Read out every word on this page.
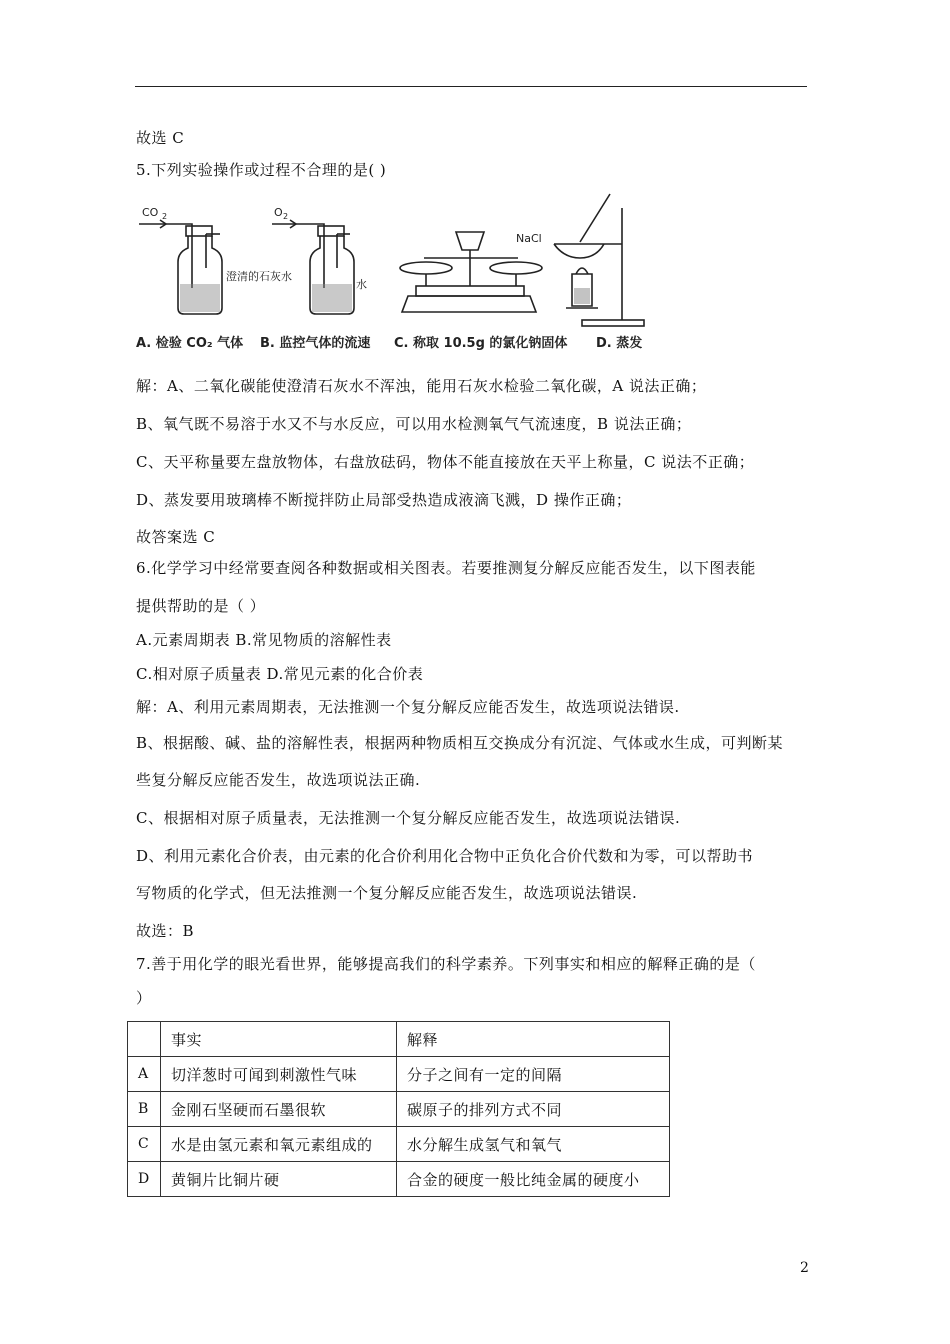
故选 C
5.下列实验操作或过程不合理的是( )
CO 2	O 2
澄清的石灰水
水
NaCl
A. 检验 CO₂ 气体 B. 监控气体的流速 C. 称取 10.5g 的氯化钠固体 D. 蒸发
解：A、二氧化碳能使澄清石灰水不浑浊，能用石灰水检验二氧化碳，A 说法正确；
B、氧气既不易溶于水又不与水反应，可以用水检测氧气气流速度，B 说法正确；
C、天平称量要左盘放物体，右盘放砝码，物体不能直接放在天平上称量，C 说法不正确；
D、蒸发要用玻璃棒不断搅拌防止局部受热造成液滴飞溅，D 操作正确；
故答案选 C
6.化学学习中经常要查阅各种数据或相关图表。若要推测复分解反应能否发生，以下图表能
提供帮助的是（ ）
A.元素周期表 B.常见物质的溶解性表
C.相对原子质量表 D.常见元素的化合价表
解：A、利用元素周期表，无法推测一个复分解反应能否发生，故选项说法错误.
B、根据酸、碱、盐的溶解性表，根据两种物质相互交换成分有沉淀、气体或水生成，可判断某
些复分解反应能否发生，故选项说法正确.
C、根据相对原子质量表，无法推测一个复分解反应能否发生，故选项说法错误.
D、利用元素化合价表，由元素的化合价利用化合物中正负化合价代数和为零，可以帮助书
写物质的化学式，但无法推测一个复分解反应能否发生，故选项说法错误.
故选：B
7.善于用化学的眼光看世界，能够提高我们的科学素养。下列事实和相应的解释正确的是（
）
	事实	解释
A	切洋葱时可闻到刺激性气味	分子之间有一定的间隔
B	金刚石坚硬而石墨很软	碳原子的排列方式不同
C	水是由氢元素和氧元素组成的	水分解生成氢气和氧气
D	黄铜片比铜片硬	合金的硬度一般比纯金属的硬度小
2
